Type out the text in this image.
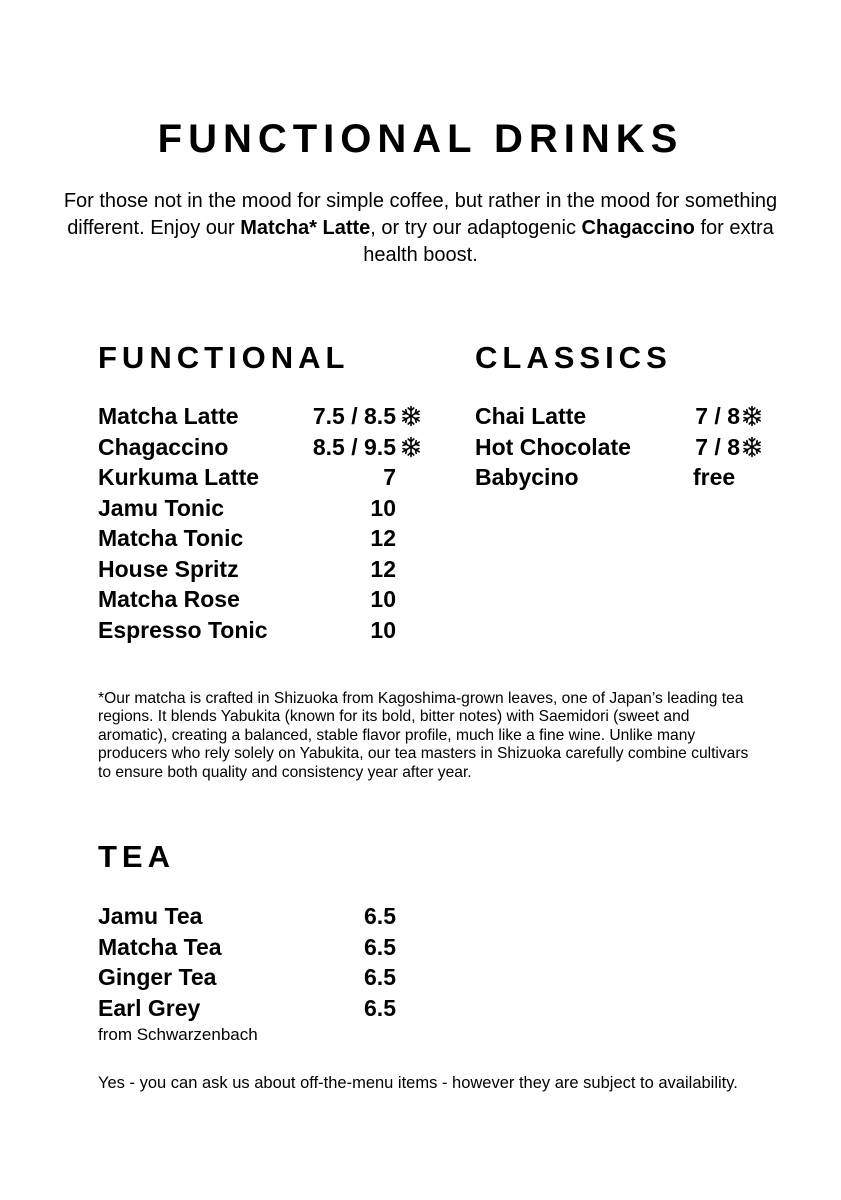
FUNCTIONAL DRINKS

For those not in the mood for simple coffee, but rather in the mood for something different. Enjoy our Matcha* Latte, or try our adaptogenic Chagaccino for extra health boost.

FUNCTIONAL
Matcha Latte	7.5 / 8.5
Chagaccino	8.5 / 9.5
Kurkuma Latte	7
Jamu Tonic	10
Matcha Tonic	12
House Spritz	12
Matcha Rose	10
Espresso Tonic	10
CLASSICS
Chai Latte	7 / 8
Hot Chocolate	7 / 8
Babycino	free

*Our matcha is crafted in Shizuoka from Kagoshima-grown leaves, one of Japan’s leading tea regions. It blends Yabukita (known for its bold, bitter notes) with Saemidori (sweet and aromatic), creating a balanced, stable flavor profile, much like a fine wine. Unlike many producers who rely solely on Yabukita, our tea masters in Shizuoka carefully combine cultivars to ensure both quality and consistency year after year.

TEA
Jamu Tea	6.5
Matcha Tea	6.5
Ginger Tea	6.5
Earl Grey	6.5

from Schwarzenbach

Yes - you can ask us about off-the-menu items - however they are subject to availability.
